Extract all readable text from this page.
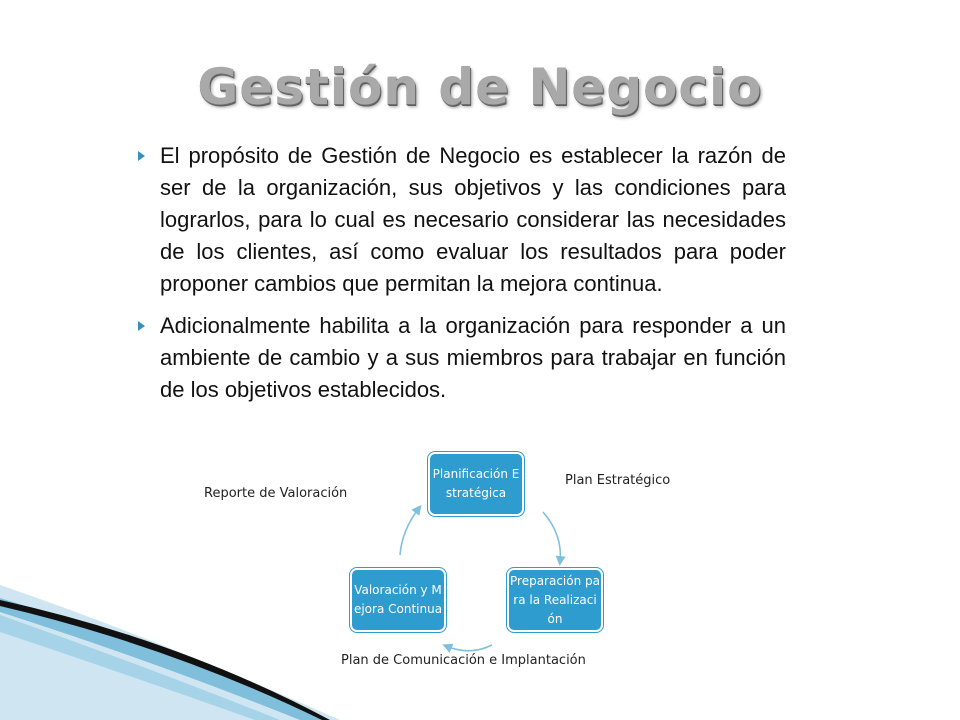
Gestión de Negocio
El propósito de Gestión de Negocio es establecer la razón de ser de la organización, sus objetivos y las condiciones para lograrlos, para lo cual es necesario considerar las necesidades de los clientes, así como evaluar los resultados para poder proponer cambios que permitan la mejora continua.
Adicionalmente habilita a la organización para responder a un ambiente de cambio y a sus miembros para trabajar en función de los objetivos establecidos.
Planificación Estratégica
Preparación para la Realización
Valoración y Mejora Continua
Plan Estratégico
Reporte de Valoración
Plan de Comunicación e Implantación
